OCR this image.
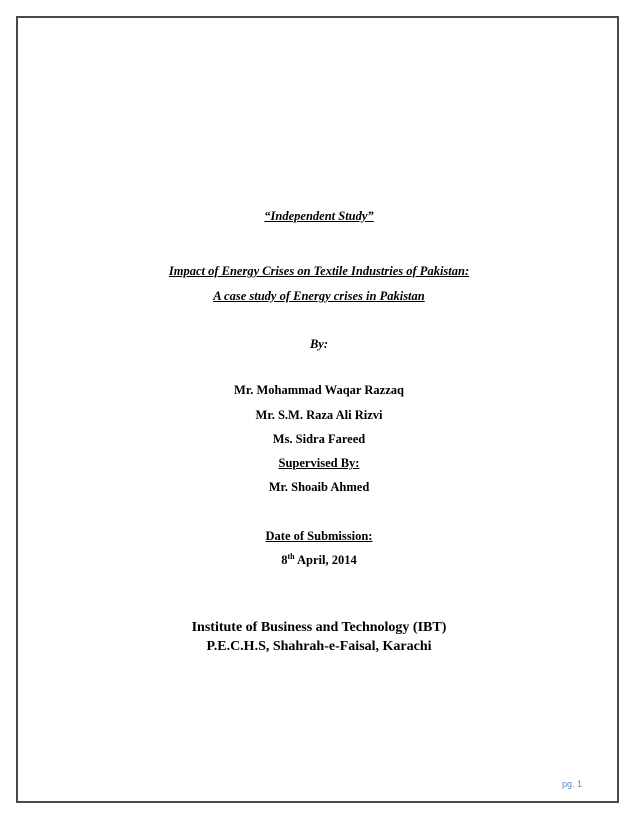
“Independent Study”
Impact of Energy Crises on Textile Industries of Pakistan:
A case study of Energy crises in Pakistan
By:
Mr. Mohammad Waqar Razzaq
Mr. S.M. Raza Ali Rizvi
Ms. Sidra Fareed
Supervised By:
Mr. Shoaib Ahmed
Date of Submission:
8th April, 2014
Institute of Business and Technology (IBT)
P.E.C.H.S, Shahrah-e-Faisal, Karachi
pg. 1
